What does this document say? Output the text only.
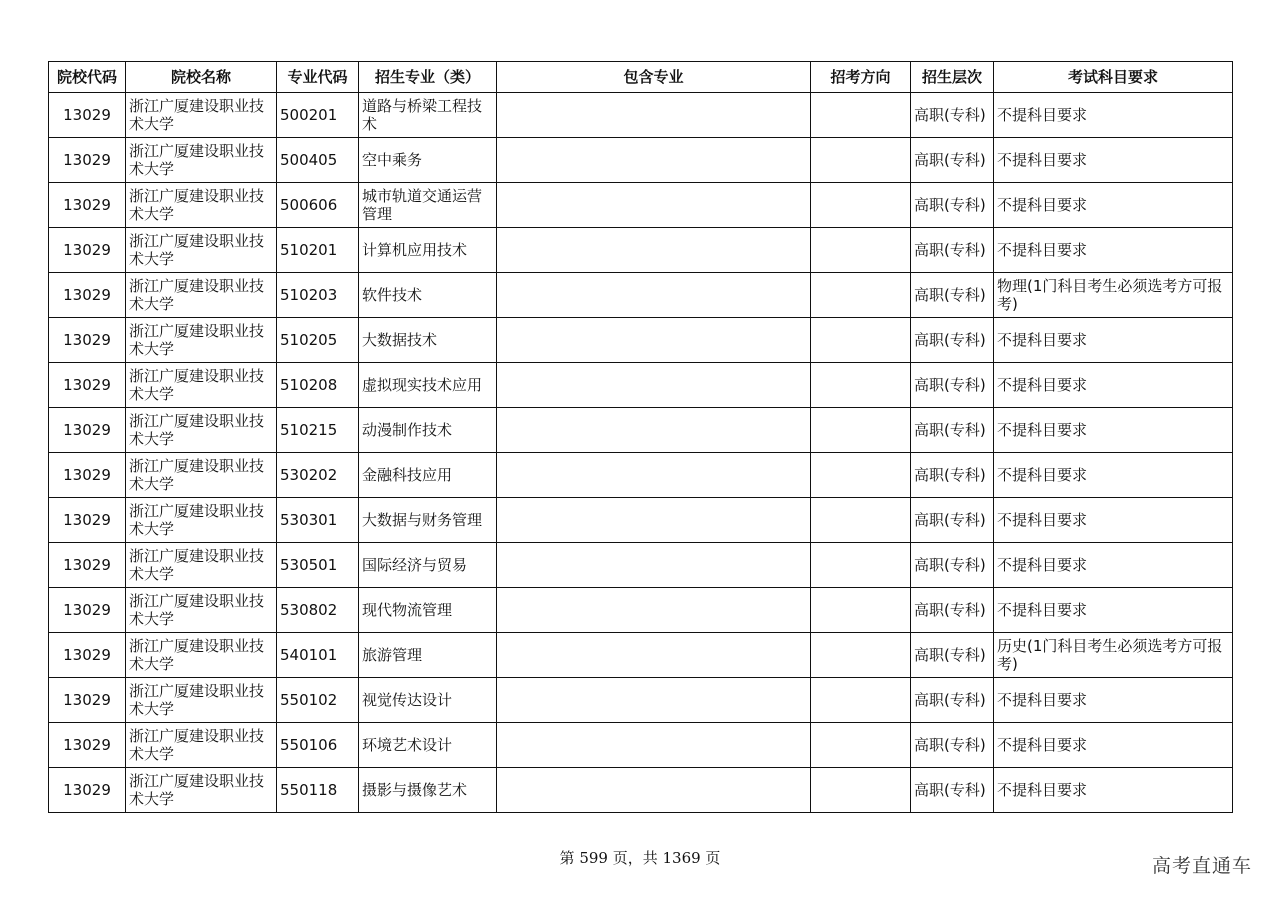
院校代码	院校名称	专业代码	招生专业（类）	包含专业	招考方向	招生层次	考试科目要求
13029	浙江广厦建设职业技术大学	500201	道路与桥梁工程技术			高职(专科)	不提科目要求
13029	浙江广厦建设职业技术大学	500405	空中乘务			高职(专科)	不提科目要求
13029	浙江广厦建设职业技术大学	500606	城市轨道交通运营管理			高职(专科)	不提科目要求
13029	浙江广厦建设职业技术大学	510201	计算机应用技术			高职(专科)	不提科目要求
13029	浙江广厦建设职业技术大学	510203	软件技术			高职(专科)	物理(1门科目考生必须选考方可报考)
13029	浙江广厦建设职业技术大学	510205	大数据技术			高职(专科)	不提科目要求
13029	浙江广厦建设职业技术大学	510208	虚拟现实技术应用			高职(专科)	不提科目要求
13029	浙江广厦建设职业技术大学	510215	动漫制作技术			高职(专科)	不提科目要求
13029	浙江广厦建设职业技术大学	530202	金融科技应用			高职(专科)	不提科目要求
13029	浙江广厦建设职业技术大学	530301	大数据与财务管理			高职(专科)	不提科目要求
13029	浙江广厦建设职业技术大学	530501	国际经济与贸易			高职(专科)	不提科目要求
13029	浙江广厦建设职业技术大学	530802	现代物流管理			高职(专科)	不提科目要求
13029	浙江广厦建设职业技术大学	540101	旅游管理			高职(专科)	历史(1门科目考生必须选考方可报考)
13029	浙江广厦建设职业技术大学	550102	视觉传达设计			高职(专科)	不提科目要求
13029	浙江广厦建设职业技术大学	550106	环境艺术设计			高职(专科)	不提科目要求
13029	浙江广厦建设职业技术大学	550118	摄影与摄像艺术			高职(专科)	不提科目要求
第 599 页，共 1369 页	高考直通车
